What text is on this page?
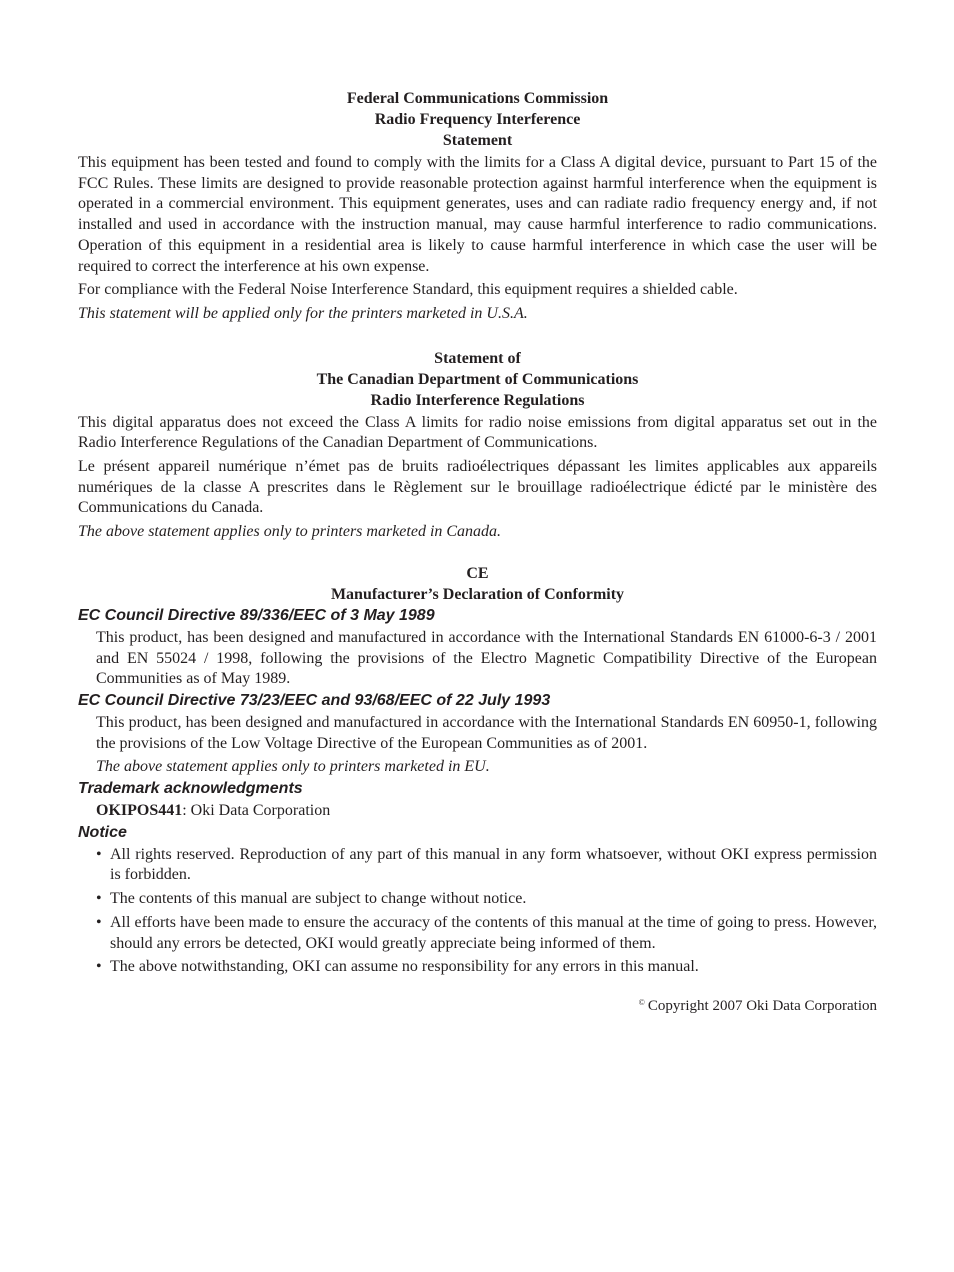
Federal Communications Commission
Radio Frequency Interference
Statement

This equipment has been tested and found to comply with the limits for a Class A digital device, pursuant to Part 15 of the FCC Rules. These limits are designed to provide reasonable protection against harmful interference when the equipment is operated in a commercial environment. This equipment generates, uses and can radiate radio frequency energy and, if not installed and used in accordance with the instruction manual, may cause harmful interference to radio communications. Operation of this equipment in a residential area is likely to cause harmful interference in which case the user will be required to correct the interference at his own expense.

For compliance with the Federal Noise Interference Standard, this equipment requires a shielded cable.

This statement will be applied only for the printers marketed in U.S.A.

Statement of
The Canadian Department of Communications
Radio Interference Regulations

This digital apparatus does not exceed the Class A limits for radio noise emissions from digital apparatus set out in the Radio Interference Regulations of the Canadian Department of Communications.

Le présent appareil numérique n’émet pas de bruits radioélectriques dépassant les limites applicables aux appareils numériques de la classe A prescrites dans le Règlement sur le brouillage radioélectrique édicté par le ministère des Communications du Canada.

The above statement applies only to printers marketed in Canada.

CE
Manufacturer’s Declaration of Conformity
EC Council Directive 89/336/EEC of 3 May 1989

This product, has been designed and manufactured in accordance with the International Standards EN 61000-6-3 / 2001 and EN 55024 / 1998, following the provisions of the Electro Magnetic Compatibility Directive of the European Communities as of May 1989.

EC Council Directive 73/23/EEC and 93/68/EEC of 22 July 1993

This product, has been designed and manufactured in accordance with the International Standards EN 60950-1, following the provisions of the Low Voltage Directive of the European Communities as of 2001.

The above statement applies only to printers marketed in EU.

Trademark acknowledgments

OKIPOS441: Oki Data Corporation

Notice
• All rights reserved. Reproduction of any part of this manual in any form whatsoever, without OKI express permission is forbidden.
• The contents of this manual are subject to change without notice.
• All efforts have been made to ensure the accuracy of the contents of this manual at the time of going to press. However, should any errors be detected, OKI would greatly appreciate being informed of them.
• The above notwithstanding, OKI can assume no responsibility for any errors in this manual.
© Copyright 2007 Oki Data Corporation
